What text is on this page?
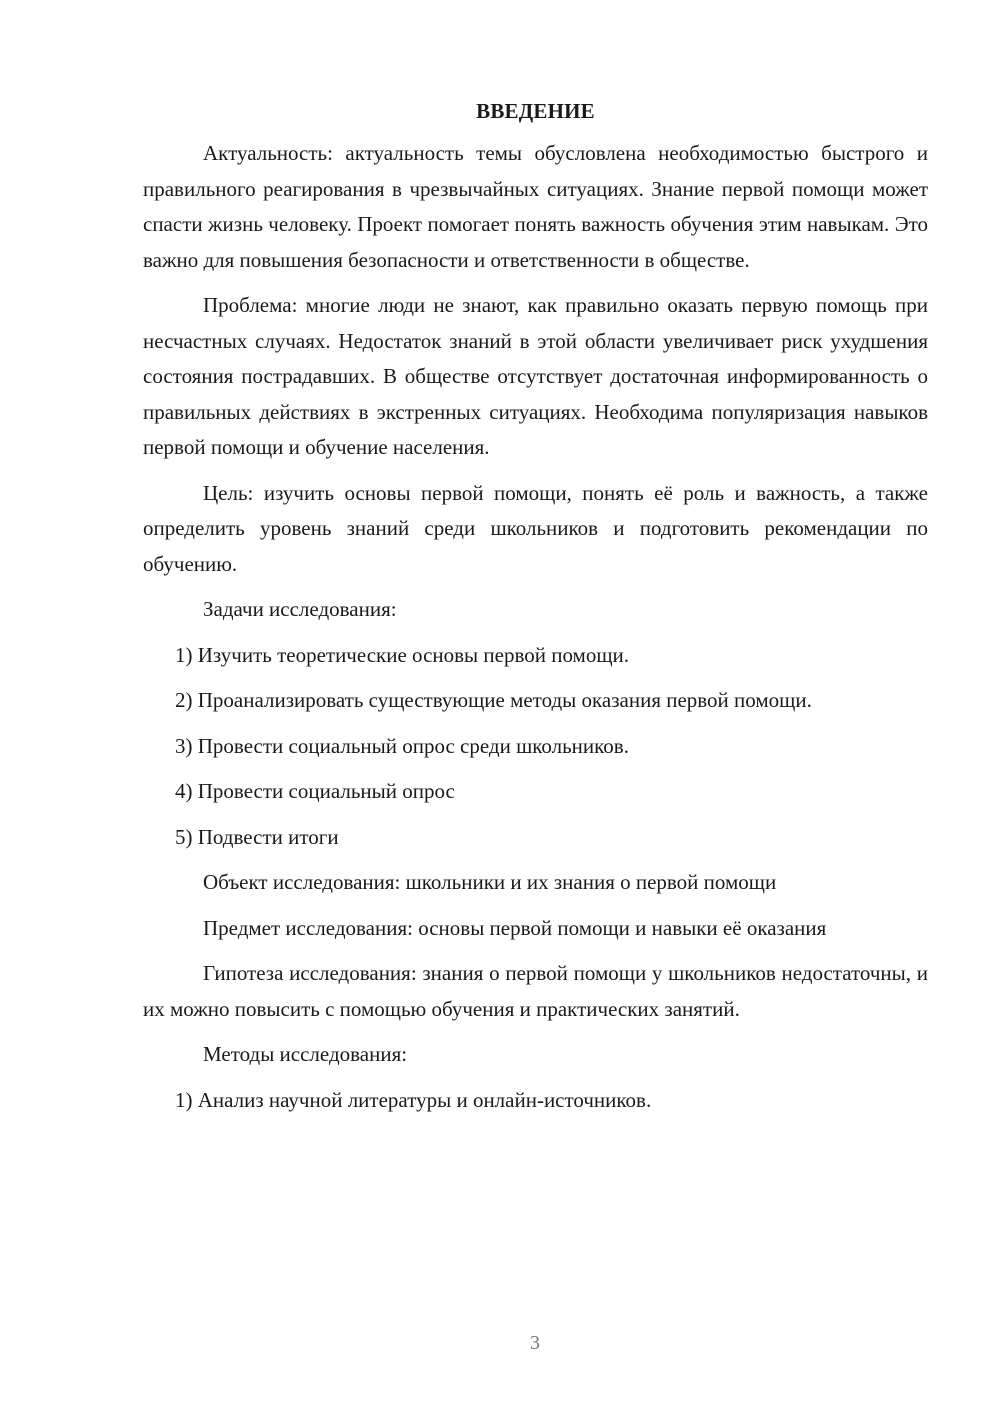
ВВЕДЕНИЕ

Актуальность: актуальность темы обусловлена необходимостью быстрого и правильного реагирования в чрезвычайных ситуациях. Знание первой помощи может спасти жизнь человеку. Проект помогает понять важность обучения этим навыкам. Это важно для повышения безопасности и ответственности в обществе.

Проблема: многие люди не знают, как правильно оказать первую помощь при несчастных случаях. Недостаток знаний в этой области увеличивает риск ухудшения состояния пострадавших. В обществе отсутствует достаточная информированность о правильных действиях в экстренных ситуациях. Необходима популяризация навыков первой помощи и обучение населения.

Цель: изучить основы первой помощи, понять её роль и важность, а также определить уровень знаний среди школьников и подготовить рекомендации по обучению.

Задачи исследования:

1) Изучить теоретические основы первой помощи.

2) Проанализировать существующие методы оказания первой помощи.

3) Провести социальный опрос среди школьников.

4) Провести социальный опрос

5) Подвести итоги

Объект исследования: школьники и их знания о первой помощи

Предмет исследования: основы первой помощи и навыки её оказания

Гипотеза исследования: знания о первой помощи у школьников недостаточны, и их можно повысить с помощью обучения и практических занятий.

Методы исследования:

1) Анализ научной литературы и онлайн-источников.

3
